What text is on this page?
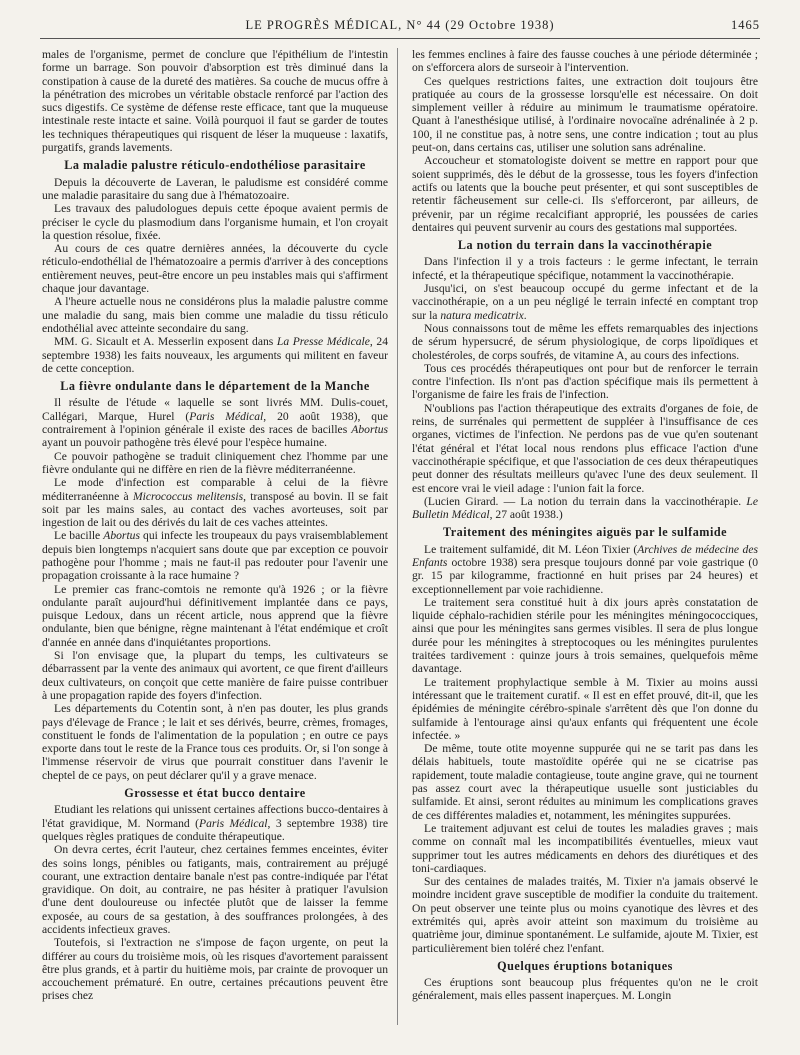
LE PROGRÈS MÉDICAL, N° 44 (29 Octobre 1938)	1465

males de l'organisme, permet de conclure que l'épithélium de l'intestin forme un barrage. Son pouvoir d'absorption est très diminué dans la constipation à cause de la dureté des matières. Sa couche de mucus offre à la pénétration des microbes un véritable obstacle renforcé par l'action des sucs digestifs. Ce système de défense reste efficace, tant que la muqueuse intestinale reste intacte et saine. Voilà pourquoi il faut se garder de toutes les techniques thérapeutiques qui risquent de léser la muqueuse : laxatifs, purgatifs, grands lavements.

La maladie palustre réticulo-endothéliose parasitaire

Depuis la découverte de Laveran, le paludisme est considéré comme une maladie parasitaire du sang due à l'hématozoaire.

Les travaux des paludologues depuis cette époque avaient permis de préciser le cycle du plasmodium dans l'organisme humain, et l'on croyait la question résolue, fixée.

Au cours de ces quatre dernières années, la découverte du cycle réticulo-endothélial de l'hématozoaire a permis d'arriver à des conceptions entièrement neuves, peut-être encore un peu instables mais qui s'affirment chaque jour davantage.

A l'heure actuelle nous ne considérons plus la maladie palustre comme une maladie du sang, mais bien comme une maladie du tissu réticulo endothélial avec atteinte secondaire du sang.

MM. G. Sicault et A. Messerlin exposent dans La Presse Médicale, 24 septembre 1938) les faits nouveaux, les arguments qui militent en faveur de cette conception.

La fièvre ondulante dans le département de la Manche

Il résulte de l'étude « laquelle se sont livrés MM. Dulis-couet, Callégari, Marque, Hurel (Paris Médical, 20 août 1938), que contrairement à l'opinion générale il existe des races de bacilles Abortus ayant un pouvoir pathogène très élevé pour l'espèce humaine.

Ce pouvoir pathogène se traduit cliniquement chez l'homme par une fièvre ondulante qui ne diffère en rien de la fièvre méditerranéenne.

Le mode d'infection est comparable à celui de la fièvre méditerranéenne à Micrococcus melitensis, transposé au bovin. Il se fait soit par les mains sales, au contact des vaches avorteuses, soit par ingestion de lait ou des dérivés du lait de ces vaches atteintes.

Le bacille Abortus qui infecte les troupeaux du pays vraisemblablement depuis bien longtemps n'acquiert sans doute que par exception ce pouvoir pathogène pour l'homme ; mais ne faut-il pas redouter pour l'avenir une propagation croissante à la race humaine ?

Le premier cas franc-comtois ne remonte qu'à 1926 ; or la fièvre ondulante paraît aujourd'hui définitivement implantée dans ce pays, puisque Ledoux, dans un récent article, nous apprend que la fièvre ondulante, bien que bénigne, règne maintenant à l'état endémique et croît d'année en année dans d'inquiétantes proportions.

Si l'on envisage que, la plupart du temps, les cultivateurs se débarrassent par la vente des animaux qui avortent, ce que firent d'ailleurs deux cultivateurs, on conçoit que cette manière de faire puisse contribuer à une propagation rapide des foyers d'infection.

Les départements du Cotentin sont, à n'en pas douter, les plus grands pays d'élevage de France ; le lait et ses dérivés, beurre, crèmes, fromages, constituent le fonds de l'alimentation de la population ; en outre ce pays exporte dans tout le reste de la France tous ces produits. Or, si l'on songe à l'immense réservoir de virus que pourrait constituer dans l'avenir le cheptel de ce pays, on peut déclarer qu'il y a grave menace.

Grossesse et état bucco dentaire

Etudiant les relations qui unissent certaines affections bucco-dentaires à l'état gravidique, M. Normand (Paris Médical, 3 septembre 1938) tire quelques règles pratiques de conduite thérapeutique.

On devra certes, écrit l'auteur, chez certaines femmes enceintes, éviter des soins longs, pénibles ou fatigants, mais, contrairement au préjugé courant, une extraction dentaire banale n'est pas contre-indiquée par l'état gravidique. On doit, au contraire, ne pas hésiter à pratiquer l'avulsion d'une dent douloureuse ou infectée plutôt que de laisser la femme exposée, au cours de sa gestation, à des souffrances prolongées, à des accidents infectieux graves.

Toutefois, si l'extraction ne s'impose de façon urgente, on peut la différer au cours du troisième mois, où les risques d'avortement paraissent être plus grands, et à partir du huitième mois, par crainte de provoquer un accouchement prématuré. En outre, certaines précautions peuvent être prises chez

les femmes enclines à faire des fausse couches à une période déterminée ; on s'efforcera alors de surseoir à l'intervention.

Ces quelques restrictions faites, une extraction doit toujours être pratiquée au cours de la grossesse lorsqu'elle est nécessaire. On doit simplement veiller à réduire au minimum le traumatisme opératoire. Quant à l'anesthésique utilisé, à l'ordinaire novocaïne adrénalinée à 2 p. 100, il ne constitue pas, à notre sens, une contre indication ; tout au plus peut-on, dans certains cas, utiliser une solution sans adrénaline.

Accoucheur et stomatologiste doivent se mettre en rapport pour que soient supprimés, dès le début de la grossesse, tous les foyers d'infection actifs ou latents que la bouche peut présenter, et qui sont susceptibles de retentir fâcheusement sur celle-ci. Ils s'efforceront, par ailleurs, de prévenir, par un régime recalcifiant approprié, les poussées de caries dentaires qui peuvent survenir au cours des gestations mal supportées.

La notion du terrain dans la vaccinothérapie

Dans l'infection il y a trois facteurs : le germe infectant, le terrain infecté, et la thérapeutique spécifique, notamment la vaccinothérapie.

Jusqu'ici, on s'est beaucoup occupé du germe infectant et de la vaccinothérapie, on a un peu négligé le terrain infecté en comptant trop sur la natura medicatrix.

Nous connaissons tout de même les effets remarquables des injections de sérum hypersucré, de sérum physiologique, de corps lipoïdiques et cholestéroles, de corps soufrés, de vitamine A, au cours des infections.

Tous ces procédés thérapeutiques ont pour but de renforcer le terrain contre l'infection. Ils n'ont pas d'action spécifique mais ils permettent à l'organisme de faire les frais de l'infection.

N'oublions pas l'action thérapeutique des extraits d'organes de foie, de reins, de surrénales qui permettent de suppléer à l'insuffisance de ces organes, victimes de l'infection. Ne perdons pas de vue qu'en soutenant l'état général et l'état local nous rendons plus efficace l'action d'une vaccinothérapie spécifique, et que l'association de ces deux thérapeutiques peut donner des résultats meilleurs qu'avec l'une des deux seulement. Il est encore vrai le vieil adage : l'union fait la force.

(Lucien Girard. — La notion du terrain dans la vaccinothérapie. Le Bulletin Médical, 27 août 1938.)

Traitement des méningites aiguës par le sulfamide

Le traitement sulfamidé, dit M. Léon Tixier (Archives de médecine des Enfants octobre 1938) sera presque toujours donné par voie gastrique (0 gr. 15 par kilogramme, fractionné en huit prises par 24 heures) et exceptionnellement par voie rachidienne.

Le traitement sera constitué huit à dix jours après constatation de liquide céphalo-rachidien stérile pour les méningites méningococciques, ainsi que pour les méningites sans germes visibles. Il sera de plus longue durée pour les méningites à streptocoques ou les méningites purulentes traitées tardivement : quinze jours à trois semaines, quelquefois même davantage.

Le traitement prophylactique semble à M. Tixier au moins aussi intéressant que le traitement curatif. « Il est en effet prouvé, dit-il, que les épidémies de méningite cérébro-spinale s'arrêtent dès que l'on donne du sulfamide à l'entourage ainsi qu'aux enfants qui fréquentent une école infectée. »

De même, toute otite moyenne suppurée qui ne se tarit pas dans les délais habituels, toute mastoïdite opérée qui ne se cicatrise pas rapidement, toute maladie contagieuse, toute angine grave, qui ne tournent pas assez court avec la thérapeutique usuelle sont justiciables du sulfamide. Et ainsi, seront réduites au minimum les complications graves de ces différentes maladies et, notamment, les méningites suppurées.

Le traitement adjuvant est celui de toutes les maladies graves ; mais comme on connaît mal les incompatibilités éventuelles, mieux vaut supprimer tout les autres médicaments en dehors des diurétiques et des toni-cardiaques.

Sur des centaines de malades traités, M. Tixier n'a jamais observé le moindre incident grave susceptible de modifier la conduite du traitement. On peut observer une teinte plus ou moins cyanotique des lèvres et des extrémités qui, après avoir atteint son maximum du troisième au quatrième jour, diminue spontanément. Le sulfamide, ajoute M. Tixier, est particulièrement bien toléré chez l'enfant.

Quelques éruptions botaniques

Ces éruptions sont beaucoup plus fréquentes qu'on ne le croit généralement, mais elles passent inaperçues. M. Longin
